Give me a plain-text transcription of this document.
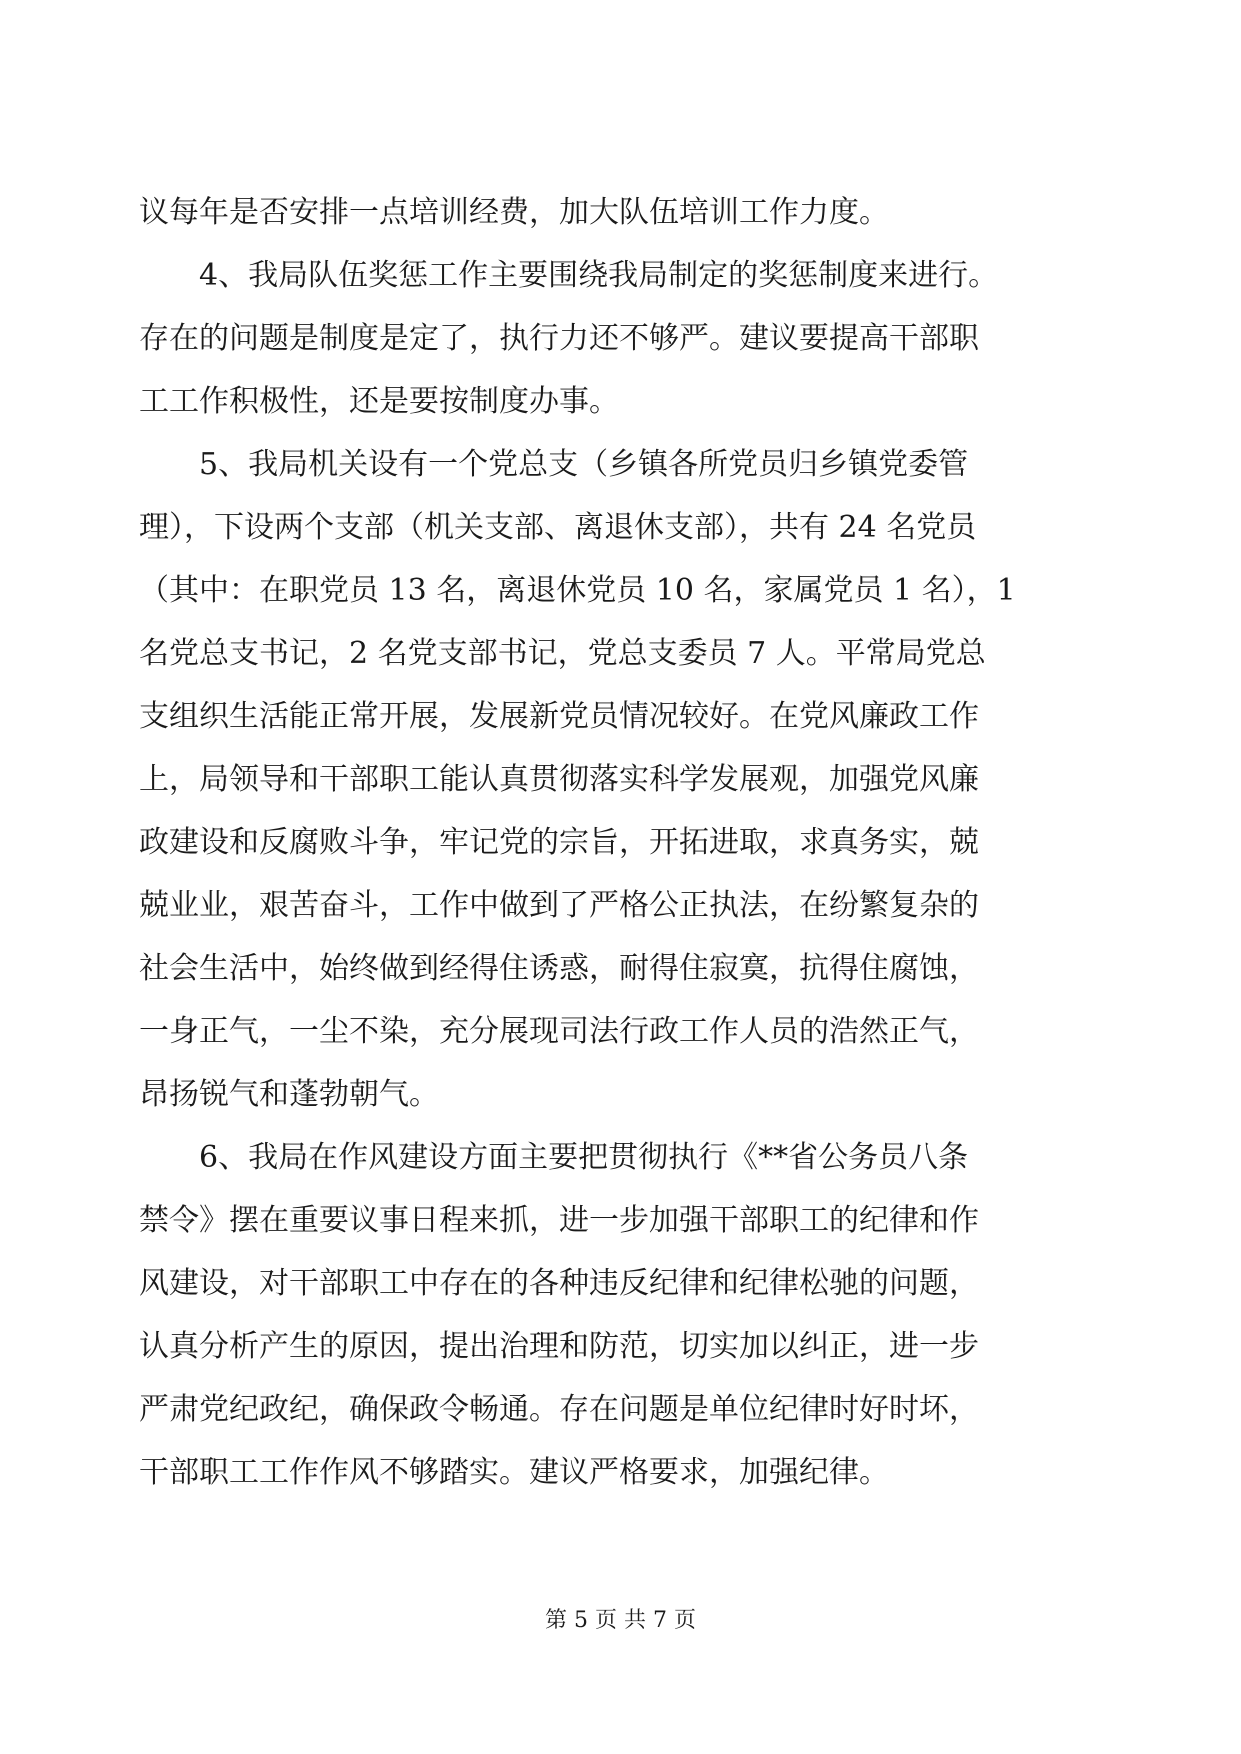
议每年是否安排一点培训经费，加大队伍培训工作力度。
　　4、我局队伍奖惩工作主要围绕我局制定的奖惩制度来进行。
存在的问题是制度是定了，执行力还不够严。建议要提高干部职
工工作积极性，还是要按制度办事。
　　5、我局机关设有一个党总支（乡镇各所党员归乡镇党委管
理），下设两个支部（机关支部、离退休支部），共有 24 名党员
（其中：在职党员 13 名，离退休党员 10 名，家属党员 1 名），1
名党总支书记，2 名党支部书记，党总支委员 7 人。平常局党总
支组织生活能正常开展，发展新党员情况较好。在党风廉政工作
上，局领导和干部职工能认真贯彻落实科学发展观，加强党风廉
政建设和反腐败斗争，牢记党的宗旨，开拓进取，求真务实，兢
兢业业，艰苦奋斗，工作中做到了严格公正执法，在纷繁复杂的
社会生活中，始终做到经得住诱惑，耐得住寂寞，抗得住腐蚀，
一身正气，一尘不染，充分展现司法行政工作人员的浩然正气，
昂扬锐气和蓬勃朝气。
　　6、我局在作风建设方面主要把贯彻执行《**省公务员八条
禁令》摆在重要议事日程来抓，进一步加强干部职工的纪律和作
风建设，对干部职工中存在的各种违反纪律和纪律松驰的问题，
认真分析产生的原因，提出治理和防范，切实加以纠正，进一步
严肃党纪政纪，确保政令畅通。存在问题是单位纪律时好时坏，
干部职工工作作风不够踏实。建议严格要求，加强纪律。
第 5 页 共 7 页
